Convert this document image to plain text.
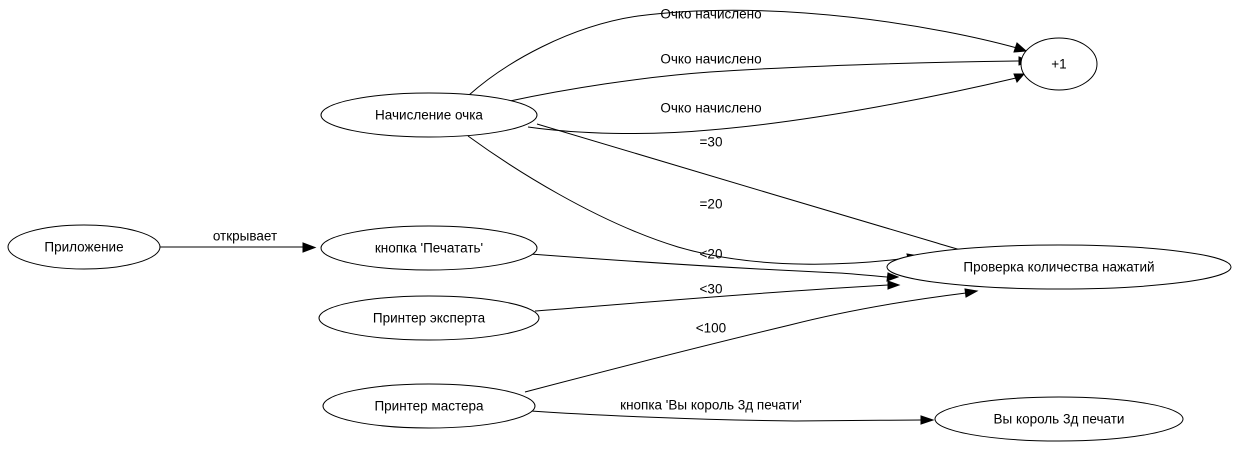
Приложение	кнопка 'Печатать'
Принтер эксперта
Принтер мастера
Начисление очка
+1
Проверка количества нажатий
Вы король 3д печати
открывает
Очко начислено
Очко начислено
Очко начислено
=30
=20
<20
<30
<100
кнопка 'Вы король 3д печати'
